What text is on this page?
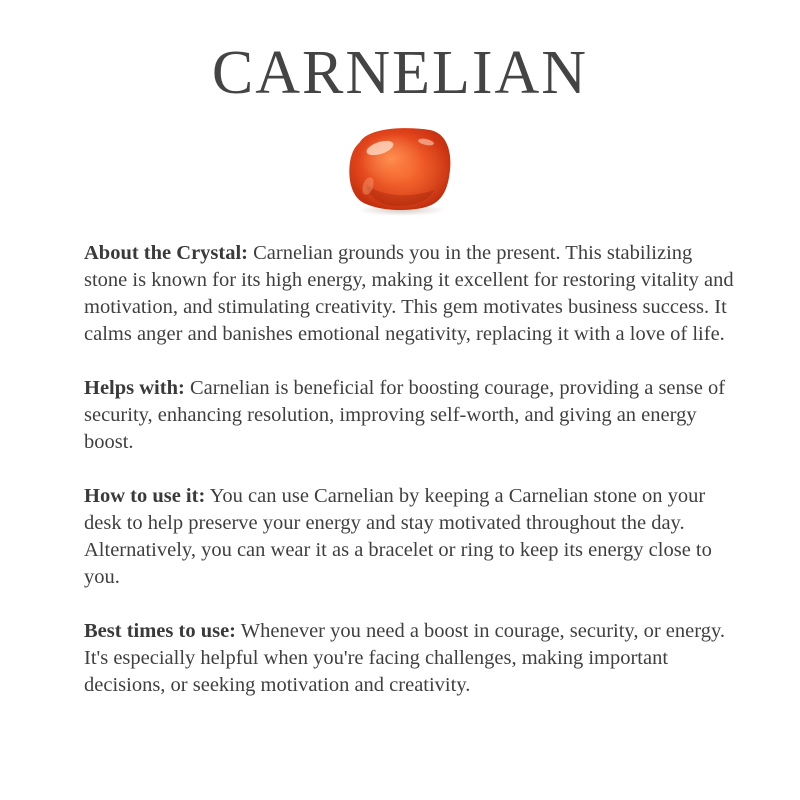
CARNELIAN

About the Crystal: Carnelian grounds you in the present. This stabilizing stone is known for its high energy, making it excellent for restoring vitality and motivation, and stimulating creativity. This gem motivates business success. It calms anger and banishes emotional negativity, replacing it with a love of life.

Helps with: Carnelian is beneficial for boosting courage, providing a sense of security, enhancing resolution, improving self-worth, and giving an energy boost.

How to use it: You can use Carnelian by keeping a Carnelian stone on your desk to help preserve your energy and stay motivated throughout the day. Alternatively, you can wear it as a bracelet or ring to keep its energy close to you.

Best times to use: Whenever you need a boost in courage, security, or energy. It's especially helpful when you're facing challenges, making important decisions, or seeking motivation and creativity.
